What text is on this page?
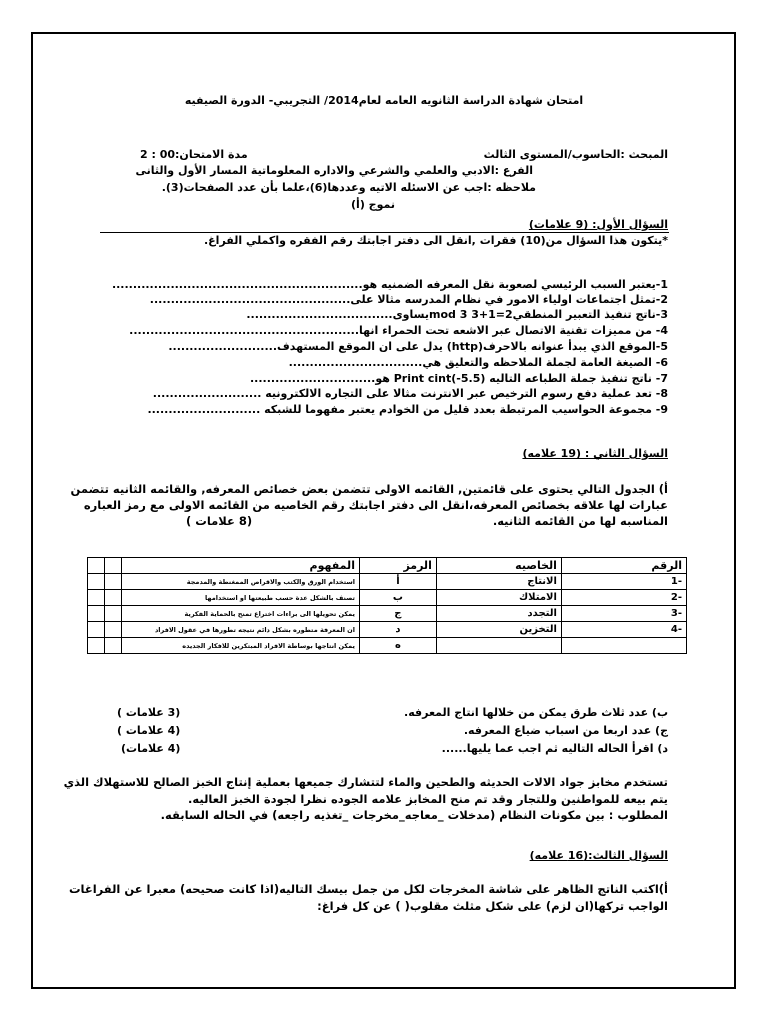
امتحان شهادة الدراسة الثانويه العامه لعام2014/ التجريبي- الدورة الصيفيه
المبحث :الحاسوب/المستوى الثالث
مدة الامتحان:00 : 2
الفرع :الادبي والعلمي والشرعي والاداره المعلوماتية المسار الأول والثانى
ملاحظه :اجب عن الاسئله الاتيه وعددها(6)،علما بأن عدد الصفحات(3).
نموج (أ)
السؤال الأول: (9 علامات)
*يتكون هذا السؤال من(10) فقرات ,انقل الى دفتر اجابتك رقم الفقره واكملي الفراغ.
1-يعتبر السبب الرئيسي لصعوبة نقل المعرفه الضمنيه هو............................................................
2-تمثل اجتماعات اولياء الامور في نظام المدرسه مثالا على................................................
3-ناتج تنفيذ التعبير المنطقي2=1+3 mod 3يساوى...................................
4- من مميزات تقنية الاتصال عبر الاشعه تحت الحمراء انها.......................................................
5-الموقع الذي يبدأ عنوانه بالاحرف(http) يدل على ان الموقع المستهدف..........................
6- الصيغة العامة لجملة الملاحظه والتعليق هي................................
7- ناتج تنفيذ جملة الطباعه التاليه Print cint(-5.5) هو..............................
8- تعد عملية دفع رسوم الترخيص عبر الانترنت مثالا على التجاره الالكترونيه ..........................
9- مجموعة الحواسيب المرتبطة بعدد قليل من الخوادم يعتبر مفهوما للشبكه ...........................
السؤال الثاني : (19 علامه)
أ) الجدول التالي يحتوى على قائمتين, القائمه الاولى تتضمن بعض خصائص المعرفه, والقائمه الثانيه تتضمن
عبارات لها علاقه بخصائص المعرفه،انقل الى دفتر اجابتك رقم الخاصيه من القائمه الاولى مع رمز العباره
المناسبه لها من القائمه الثانيه.
(8 علامات )
الرقم	الخاصيه	الرمز	المفهوم		
-1	الانتاج	أ	استخدام الورق والكتب والاقراص الممغنطة والمدمجة		
-2	الامتلاك	ب	تصنف بالشكل عدة حسب طبيعتها او استخدامها		
-3	التجدد	ج	يمكن تحويلها الى براءات اختراع تمنح بالحماية الفكرية		
-4	التخزين	د	ان المعرفة متطوره بشكل دائم نتيجه تطورها في عقول الافراد		
		ه	يمكن انتاجها بوساطة الافراد المبتكرين للافكار الجديده		
ب) عدد ثلاث طرق يمكن من خلالها انتاج المعرفه.
(3 علامات )
ج) عدد اربعا من اسباب ضياع المعرفه.
(4 علامات )
د) اقرأ الحاله التاليه ثم اجب عما يليها......
(4 علامات)
تستخدم مخابز جواد الالات الحديثه والطحين والماء لتتشارك جميعها بعملية إنتاج الخبز الصالح للاستهلاك الذي
يتم بيعه للمواطنين وللتجار وقد تم منح المخابز علامه الجوده نظرا لجودة الخبز العاليه.
المطلوب : بين مكونات النظام (مدخلات _معاجه_مخرجات _تغذيه راجعه) في الحاله السابقه.
السؤال الثالث:(16 علامه)
أ)اكتب الناتج الظاهر على شاشة المخرجات لكل من جمل بيسك التاليه(اذا كانت صحيحه) معبرا عن الفراغات
الواجب تركها(ان لزم) على شكل مثلث مقلوب( ) عن كل فراغ:
